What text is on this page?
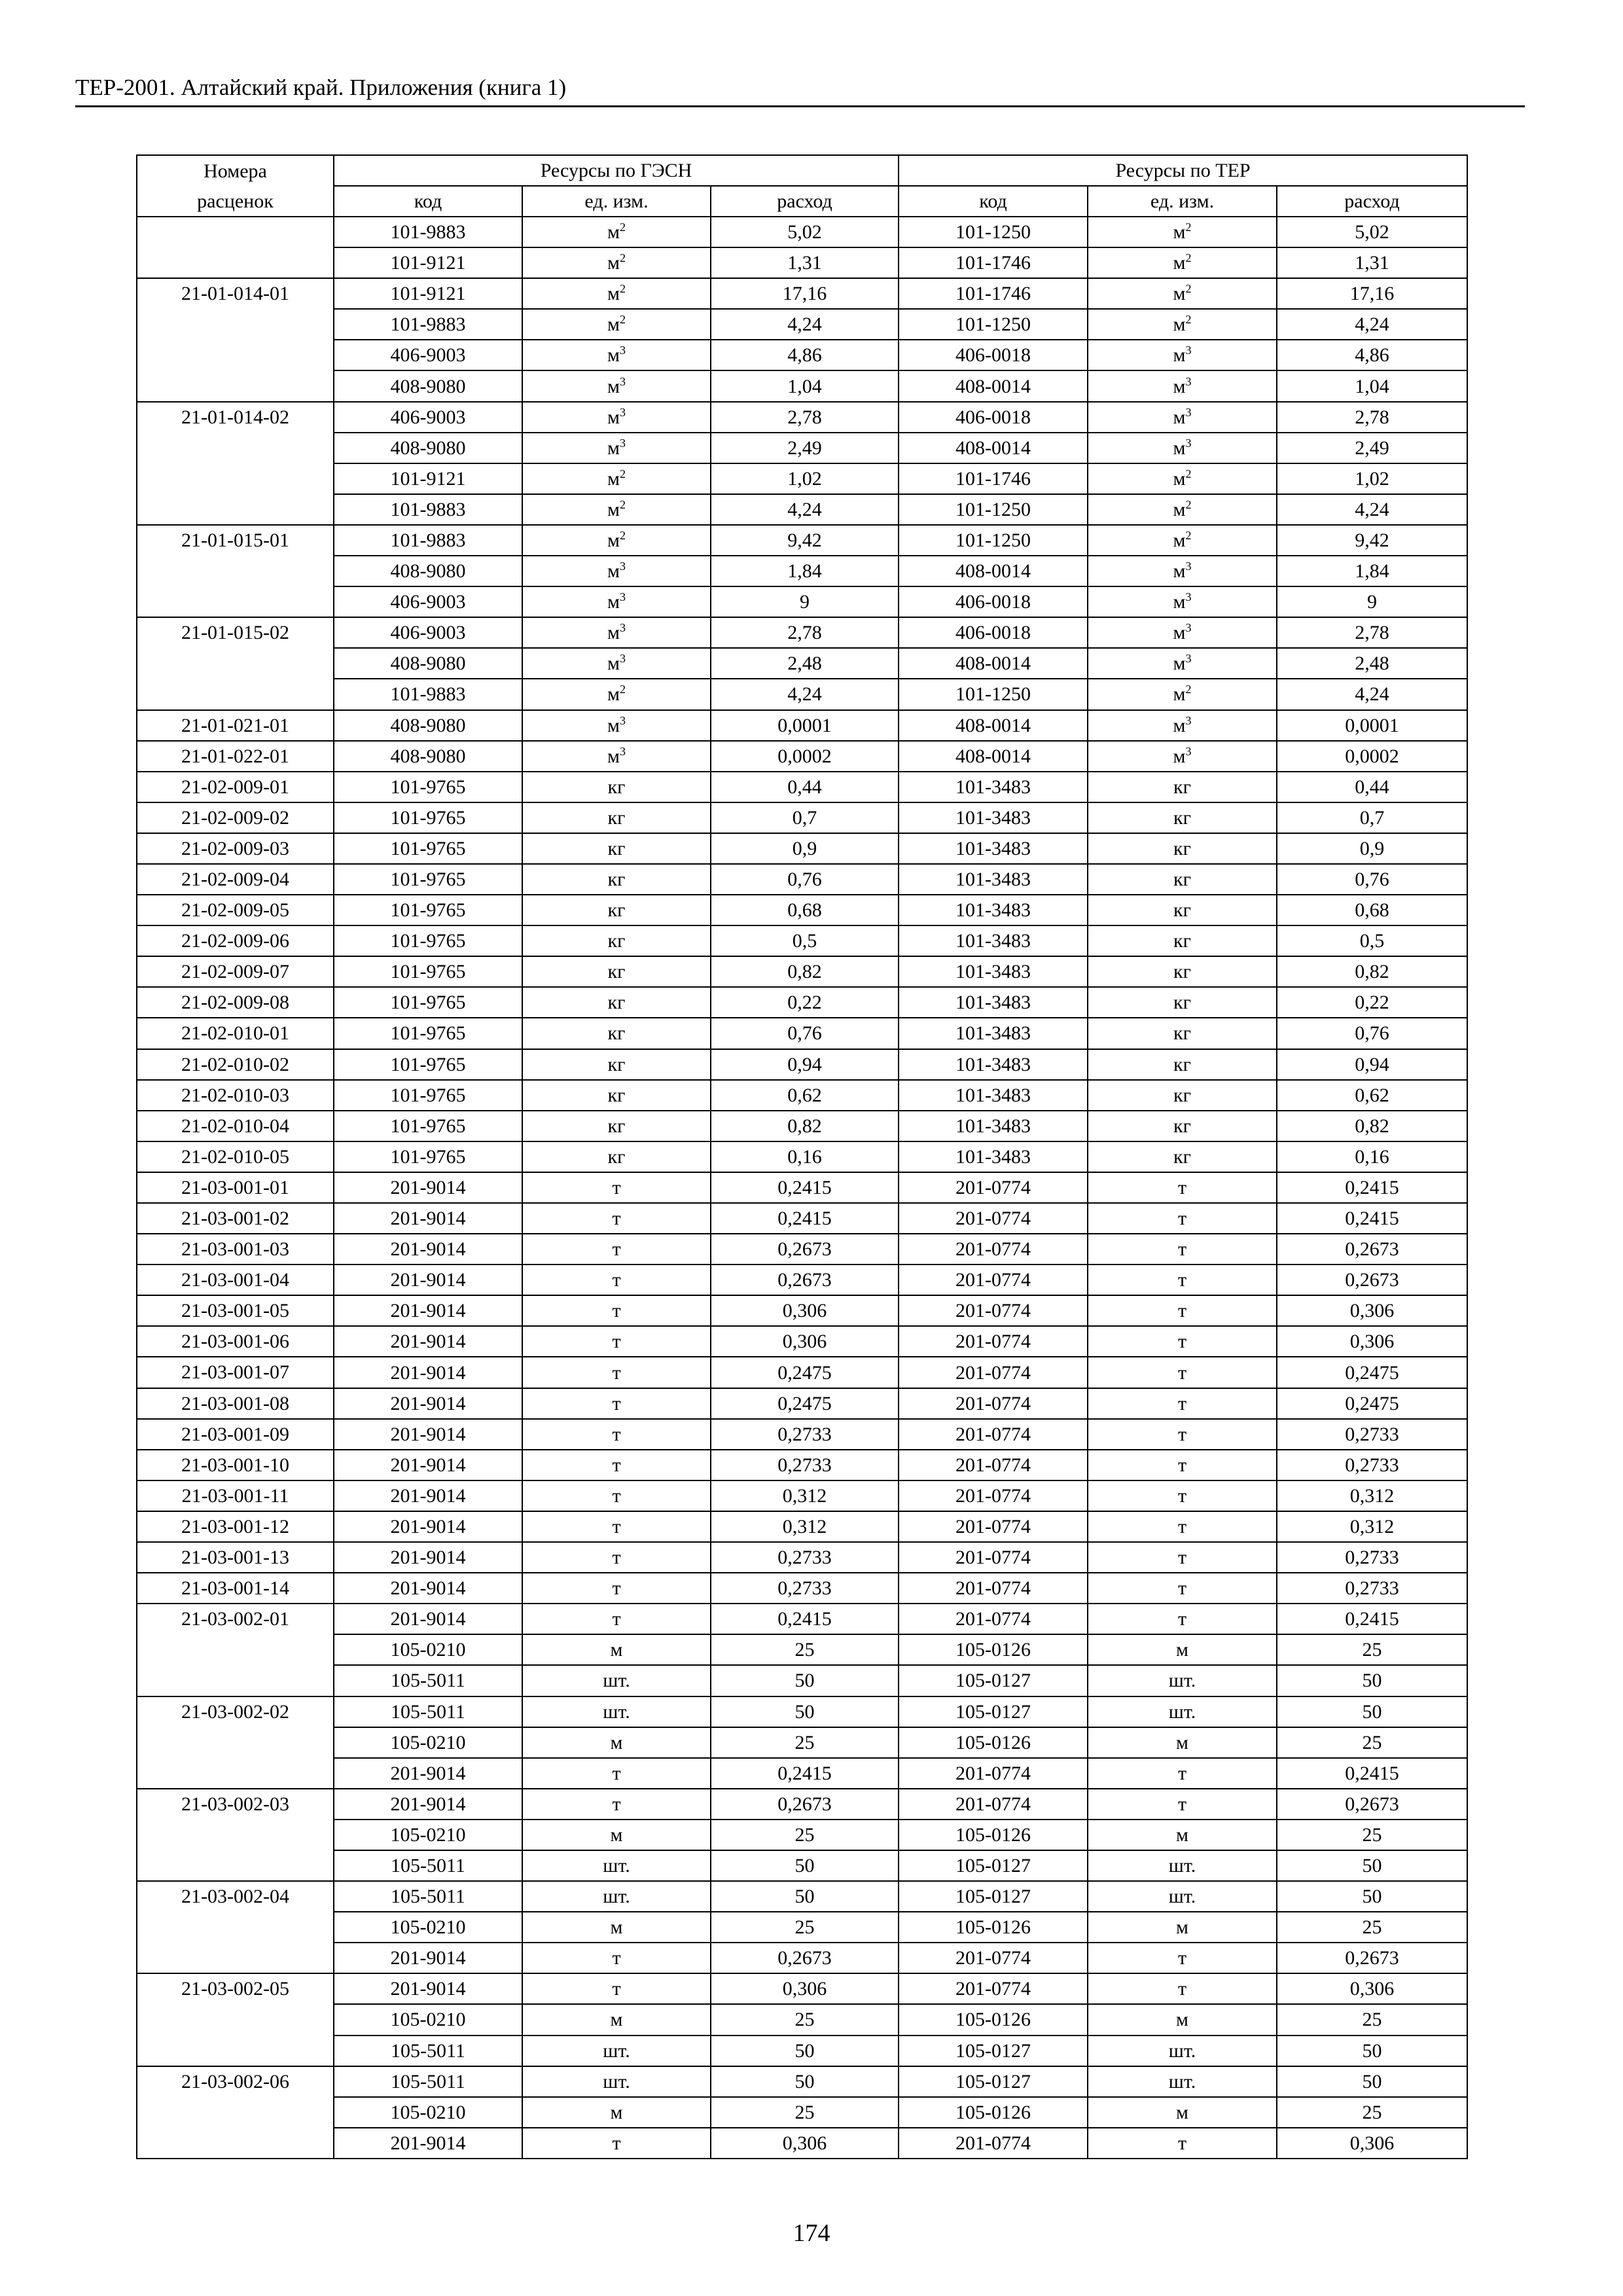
ТЕР-2001. Алтайский край. Приложения (книга 1)
Номера	Ресурсы по ГЭСН			Ресурсы по ТЕР		
расценок	код	ед. изм.	расход	код	ед. изм.	расход
	101-9883	$м^2$	5,02	101-1250	$м^2$	5,02
	101-9121	$м^2$	1,31	101-1746	$м^2$	1,31
21-01-014-01	101-9121	$м^2$	17,16	101-1746	$м^2$	17,16
	101-9883	$м^2$	4,24	101-1250	$м^2$	4,24
	406-9003	$м^3$	4,86	406-0018	$м^3$	4,86
	408-9080	$м^3$	1,04	408-0014	$м^3$	1,04
21-01-014-02	406-9003	$м^3$	2,78	406-0018	$м^3$	2,78
	408-9080	$м^3$	2,49	408-0014	$м^3$	2,49
	101-9121	$м^2$	1,02	101-1746	$м^2$	1,02
	101-9883	$м^2$	4,24	101-1250	$м^2$	4,24
21-01-015-01	101-9883	$м^2$	9,42	101-1250	$м^2$	9,42
	408-9080	$м^3$	1,84	408-0014	$м^3$	1,84
	406-9003	$м^3$	9	406-0018	$м^3$	9
21-01-015-02	406-9003	$м^3$	2,78	406-0018	$м^3$	2,78
	408-9080	$м^3$	2,48	408-0014	$м^3$	2,48
	101-9883	$м^2$	4,24	101-1250	$м^2$	4,24
21-01-021-01	408-9080	$м^3$	0,0001	408-0014	$м^3$	0,0001
21-01-022-01	408-9080	$м^3$	0,0002	408-0014	$м^3$	0,0002
21-02-009-01	101-9765	кг	0,44	101-3483	кг	0,44
21-02-009-02	101-9765	кг	0,7	101-3483	кг	0,7
21-02-009-03	101-9765	кг	0,9	101-3483	кг	0,9
21-02-009-04	101-9765	кг	0,76	101-3483	кг	0,76
21-02-009-05	101-9765	кг	0,68	101-3483	кг	0,68
21-02-009-06	101-9765	кг	0,5	101-3483	кг	0,5
21-02-009-07	101-9765	кг	0,82	101-3483	кг	0,82
21-02-009-08	101-9765	кг	0,22	101-3483	кг	0,22
21-02-010-01	101-9765	кг	0,76	101-3483	кг	0,76
21-02-010-02	101-9765	кг	0,94	101-3483	кг	0,94
21-02-010-03	101-9765	кг	0,62	101-3483	кг	0,62
21-02-010-04	101-9765	кг	0,82	101-3483	кг	0,82
21-02-010-05	101-9765	кг	0,16	101-3483	кг	0,16
21-03-001-01	201-9014	т	0,2415	201-0774	т	0,2415
21-03-001-02	201-9014	т	0,2415	201-0774	т	0,2415
21-03-001-03	201-9014	т	0,2673	201-0774	т	0,2673
21-03-001-04	201-9014	т	0,2673	201-0774	т	0,2673
21-03-001-05	201-9014	т	0,306	201-0774	т	0,306
21-03-001-06	201-9014	т	0,306	201-0774	т	0,306
21-03-001-07	201-9014	т	0,2475	201-0774	т	0,2475
21-03-001-08	201-9014	т	0,2475	201-0774	т	0,2475
21-03-001-09	201-9014	т	0,2733	201-0774	т	0,2733
21-03-001-10	201-9014	т	0,2733	201-0774	т	0,2733
21-03-001-11	201-9014	т	0,312	201-0774	т	0,312
21-03-001-12	201-9014	т	0,312	201-0774	т	0,312
21-03-001-13	201-9014	т	0,2733	201-0774	т	0,2733
21-03-001-14	201-9014	т	0,2733	201-0774	т	0,2733
21-03-002-01	201-9014	т	0,2415	201-0774	т	0,2415
	105-0210	м	25	105-0126	м	25
	105-5011	шт.	50	105-0127	шт.	50
21-03-002-02	105-5011	шт.	50	105-0127	шт.	50
	105-0210	м	25	105-0126	м	25
	201-9014	т	0,2415	201-0774	т	0,2415
21-03-002-03	201-9014	т	0,2673	201-0774	т	0,2673
	105-0210	м	25	105-0126	м	25
	105-5011	шт.	50	105-0127	шт.	50
21-03-002-04	105-5011	шт.	50	105-0127	шт.	50
	105-0210	м	25	105-0126	м	25
	201-9014	т	0,2673	201-0774	т	0,2673
21-03-002-05	201-9014	т	0,306	201-0774	т	0,306
	105-0210	м	25	105-0126	м	25
	105-5011	шт.	50	105-0127	шт.	50
21-03-002-06	105-5011	шт.	50	105-0127	шт.	50
	105-0210	м	25	105-0126	м	25
	201-9014	т	0,306	201-0774	т	0,306
174
